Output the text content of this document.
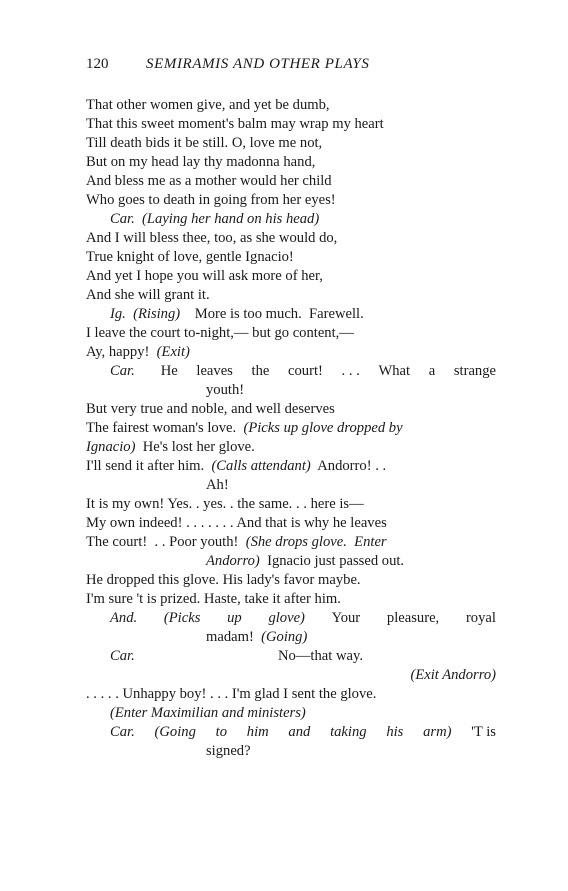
120	SEMIRAMIS AND OTHER PLAYS
That other women give, and yet be dumb,
That this sweet moment's balm may wrap my heart
Till death bids it be still. O, love me not,
But on my head lay thy madonna hand,
And bless me as a mother would her child
Who goes to death in going from her eyes!
Car.  (Laying her hand on his head)
And I will bless thee, too, as she would do,
True knight of love, gentle Ignacio!
And yet I hope you will ask more of her,
And she will grant it.
Ig.  (Rising)    More is too much.  Farewell.
I leave the court to-night,— but go content,—
Ay, happy!  (Exit)
Car. He leaves the court! . . . What a strange
youth!
But very true and noble, and well deserves
The fairest woman's love.  (Picks up glove dropped by
Ignacio)  He's lost her glove.
I'll send it after him.  (Calls attendant)  Andorro! . .
Ah!
It is my own! Yes. . yes. . the same. . . here is—
My own indeed! . . . . . . . And that is why he leaves
The court!  . . Poor youth!  (She drops glove.  Enter
Andorro)  Ignacio just passed out.
He dropped this glove. His lady's favor maybe.
I'm sure 't is prized. Haste, take it after him.
And. (Picks up glove) Your pleasure, royal
madam!  (Going)
Car.	No—that way.
(Exit Andorro)
. . . . . Unhappy boy! . . . I'm glad I sent the glove.
(Enter Maximilian and ministers)
Car. (Going to him and taking his arm) 'T is
signed?
